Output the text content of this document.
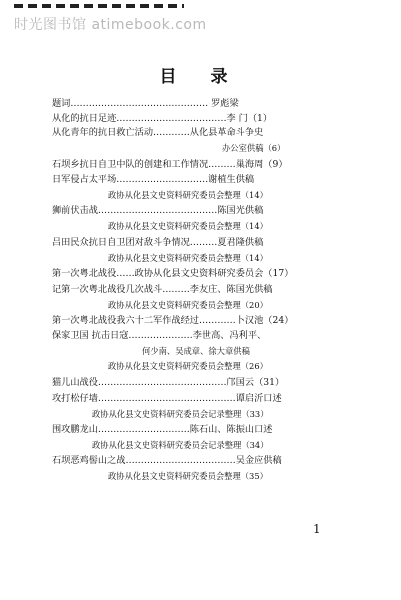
时光图书馆 atimebook.com
目 录
题词……………………………………… 罗彪梁
从化的抗日足迹………………………………李 门（1）
从化青年的抗日救亡活动…………从化县革命斗争史
办公室供稿（6）
石坝乡抗日自卫中队的创建和工作情况………巢海周（9）
日军侵占太平场…………………………谢植生供稿
政协从化县文史资料研究委员会整理（14）
狮前伏击战…………………………………陈国光供稿
政协从化县文史资料研究委员会整理（14）
吕田民众抗日自卫团对敌斗争情况………夏君隆供稿
政协从化县文史资料研究委员会整理（14）
第一次粤北战役……政协从化县文史资料研究委员会（17）
记第一次粤北战役几次战斗………李友庄、陈国光供稿
政协从化县文史资料研究委员会整理（20）
第一次粤北战役我六十二军作战经过…………卜汉池（24）
保家卫国 抗击日寇…………………李世高、冯利平、
何少南、吴成章、徐大章供稿
政协从化县文史资料研究委员会整理（26）
猫儿山战役……………………………………邝国云（31）
攻打松仔墙………………………………………谭启沂口述
政协从化县文史资料研究委员会记录整理（33）
围攻鹏龙山…………………………陈石山、陈振山口述
政协从化县文史资料研究委员会记录整理（34）
石坝恶鸡髻山之战………………………………吴金应供稿
政协从化县文史资料研究委员会整理（35）
1
